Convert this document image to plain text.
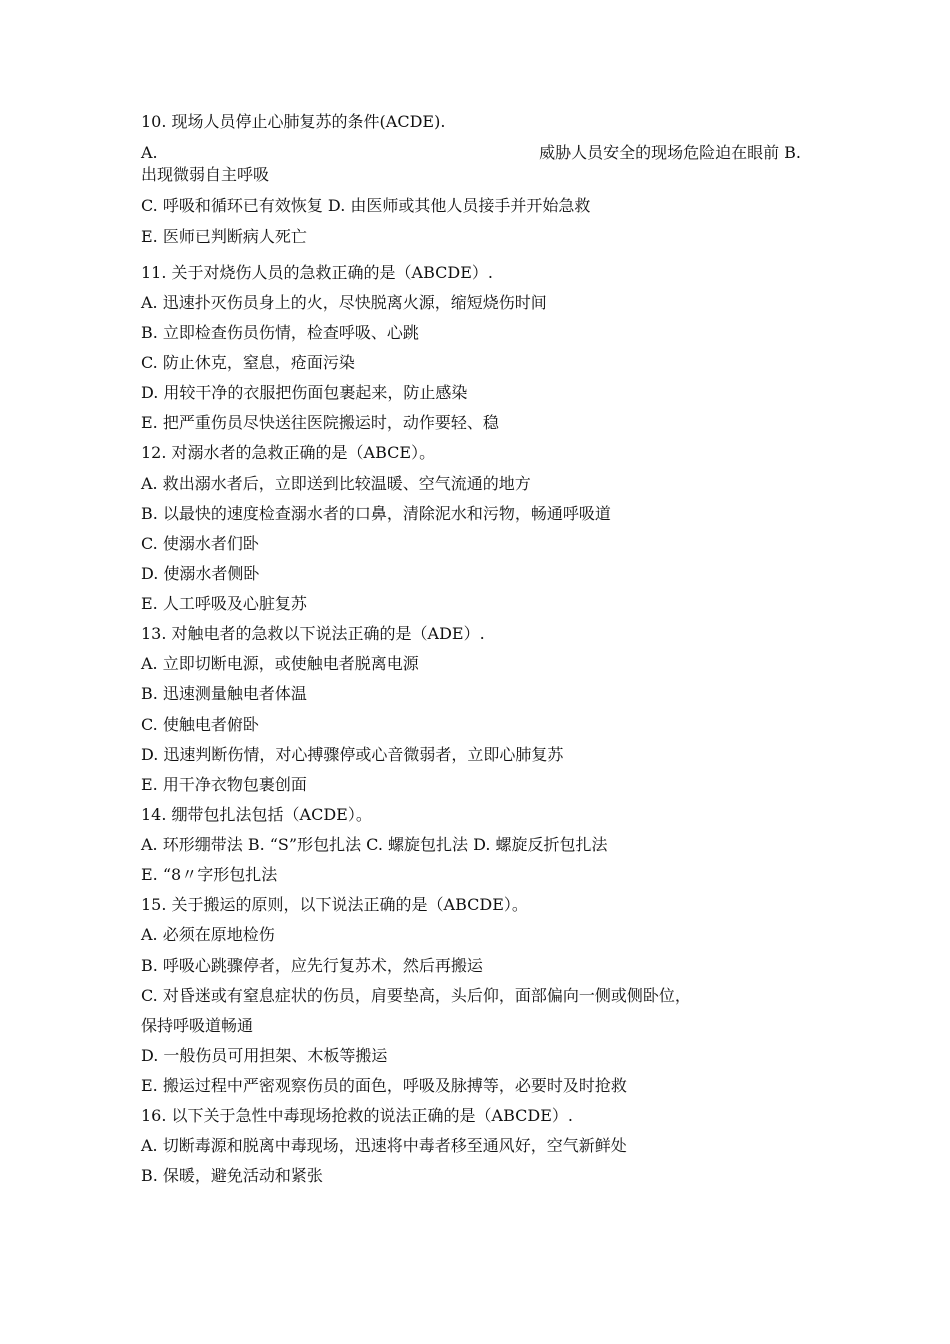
10. 现场人员停止心肺复苏的条件(ACDE).
A.	威胁人员安全的现场危险迫在眼前 B.
出现微弱自主呼吸
C. 呼吸和循环已有效恢复 D. 由医师或其他人员接手并开始急救
E. 医师已判断病人死亡
11. 关于对烧伤人员的急救正确的是（ABCDE）.
A. 迅速扑灭伤员身上的火，尽快脱离火源，缩短烧伤时间
B. 立即检查伤员伤情，检查呼吸、心跳
C. 防止休克，窒息，疮面污染
D. 用较干净的衣服把伤面包裹起来，防止感染
E. 把严重伤员尽快送往医院搬运时，动作要轻、稳
12. 对溺水者的急救正确的是（ABCE）。
A. 救出溺水者后，立即送到比较温暖、空气流通的地方
B. 以最快的速度检查溺水者的口鼻，清除泥水和污物，畅通呼吸道
C. 使溺水者们卧
D. 使溺水者侧卧
E. 人工呼吸及心脏复苏
13. 对触电者的急救以下说法正确的是（ADE）.
A. 立即切断电源，或使触电者脱离电源
B. 迅速测量触电者体温
C. 使触电者俯卧
D. 迅速判断伤情，对心搏骤停或心音微弱者，立即心肺复苏
E. 用干净衣物包裹创面
14. 绷带包扎法包括（ACDE）。
A. 环形绷带法 B. “S”形包扎法 C. 螺旋包扎法 D. 螺旋反折包扎法
E. “8〃字形包扎法
15. 关于搬运的原则，以下说法正确的是（ABCDE）。
A. 必须在原地检伤
B. 呼吸心跳骤停者，应先行复苏术，然后再搬运
C. 对昏迷或有窒息症状的伤员，肩要垫高，头后仰，面部偏向一侧或侧卧位，
保持呼吸道畅通
D. 一般伤员可用担架、木板等搬运
E. 搬运过程中严密观察伤员的面色，呼吸及脉搏等，必要时及时抢救
16. 以下关于急性中毒现场抢救的说法正确的是（ABCDE）.
A. 切断毒源和脱离中毒现场，迅速将中毒者移至通风好，空气新鲜处
B. 保暖，避免活动和紧张
